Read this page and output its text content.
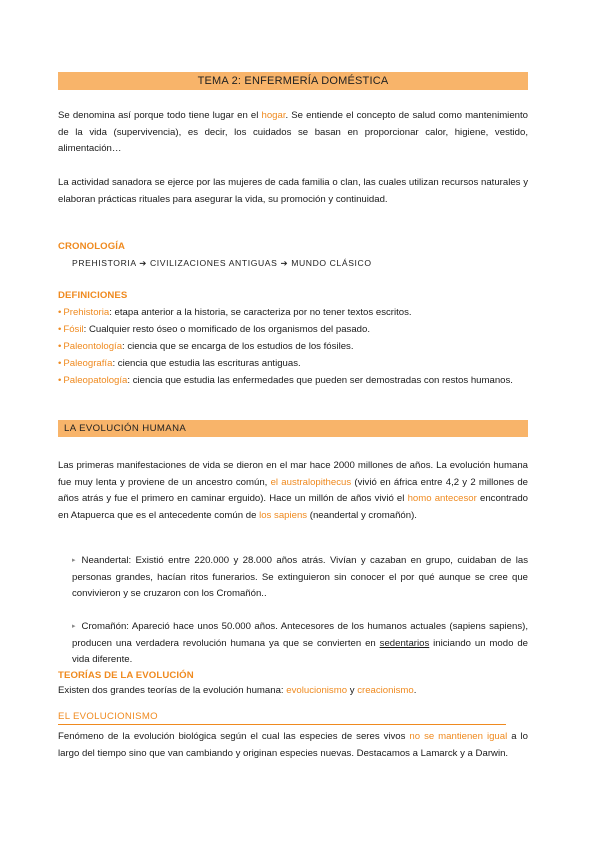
TEMA 2: ENFERMERÍA DOMÉSTICA

Se denomina así porque todo tiene lugar en el hogar. Se entiende el concepto de salud como mantenimiento de la vida (supervivencia), es decir, los cuidados se basan en proporcionar calor, higiene, vestido, alimentación…

La actividad sanadora se ejerce por las mujeres de cada familia o clan, las cuales utilizan recursos naturales y elaboran prácticas rituales para asegurar la vida, su promoción y continuidad.

CRONOLOGÍA

PREHISTORIA ➔ CIVILIZACIONES ANTIGUAS ➔ MUNDO CLÁSICO

DEFINICIONES

• Prehistoria: etapa anterior a la historia, se caracteriza por no tener textos escritos.
• Fósil: Cualquier resto óseo o momificado de los organismos del pasado.
• Paleontología: ciencia que se encarga de los estudios de los fósiles.
• Paleografía: ciencia que estudia las escrituras antiguas.
• Paleopatología: ciencia que estudia las enfermedades que pueden ser demostradas con restos humanos.
LA EVOLUCIÓN HUMANA

Las primeras manifestaciones de vida se dieron en el mar hace 2000 millones de años. La evolución humana fue muy lenta y proviene de un ancestro común, el australopithecus (vivió en áfrica entre 4,2 y 2 millones de años atrás y fue el primero en caminar erguido). Hace un millón de años vivió el homo antecesor encontrado en Atapuerca que es el antecedente común de los sapiens (neandertal y cromañón).

▸ Neandertal: Existió entre 220.000 y 28.000 años atrás. Vivían y cazaban en grupo, cuidaban de las personas grandes, hacían ritos funerarios. Se extinguieron sin conocer el por qué aunque se cree que convivieron y se cruzaron con los Cromañón..
▸ Cromañón: Apareció hace unos 50.000 años. Antecesores de los humanos actuales (sapiens sapiens), producen una verdadera revolución humana ya que se convierten en sedentarios iniciando un modo de vida diferente.

TEORÍAS DE LA EVOLUCIÓN

Existen dos grandes teorías de la evolución humana: evolucionismo y creacionismo.

EL EVOLUCIONISMO

Fenómeno de la evolución biológica según el cual las especies de seres vivos no se mantienen igual a lo largo del tiempo sino que van cambiando y originan especies nuevas. Destacamos a Lamarck y a Darwin.
